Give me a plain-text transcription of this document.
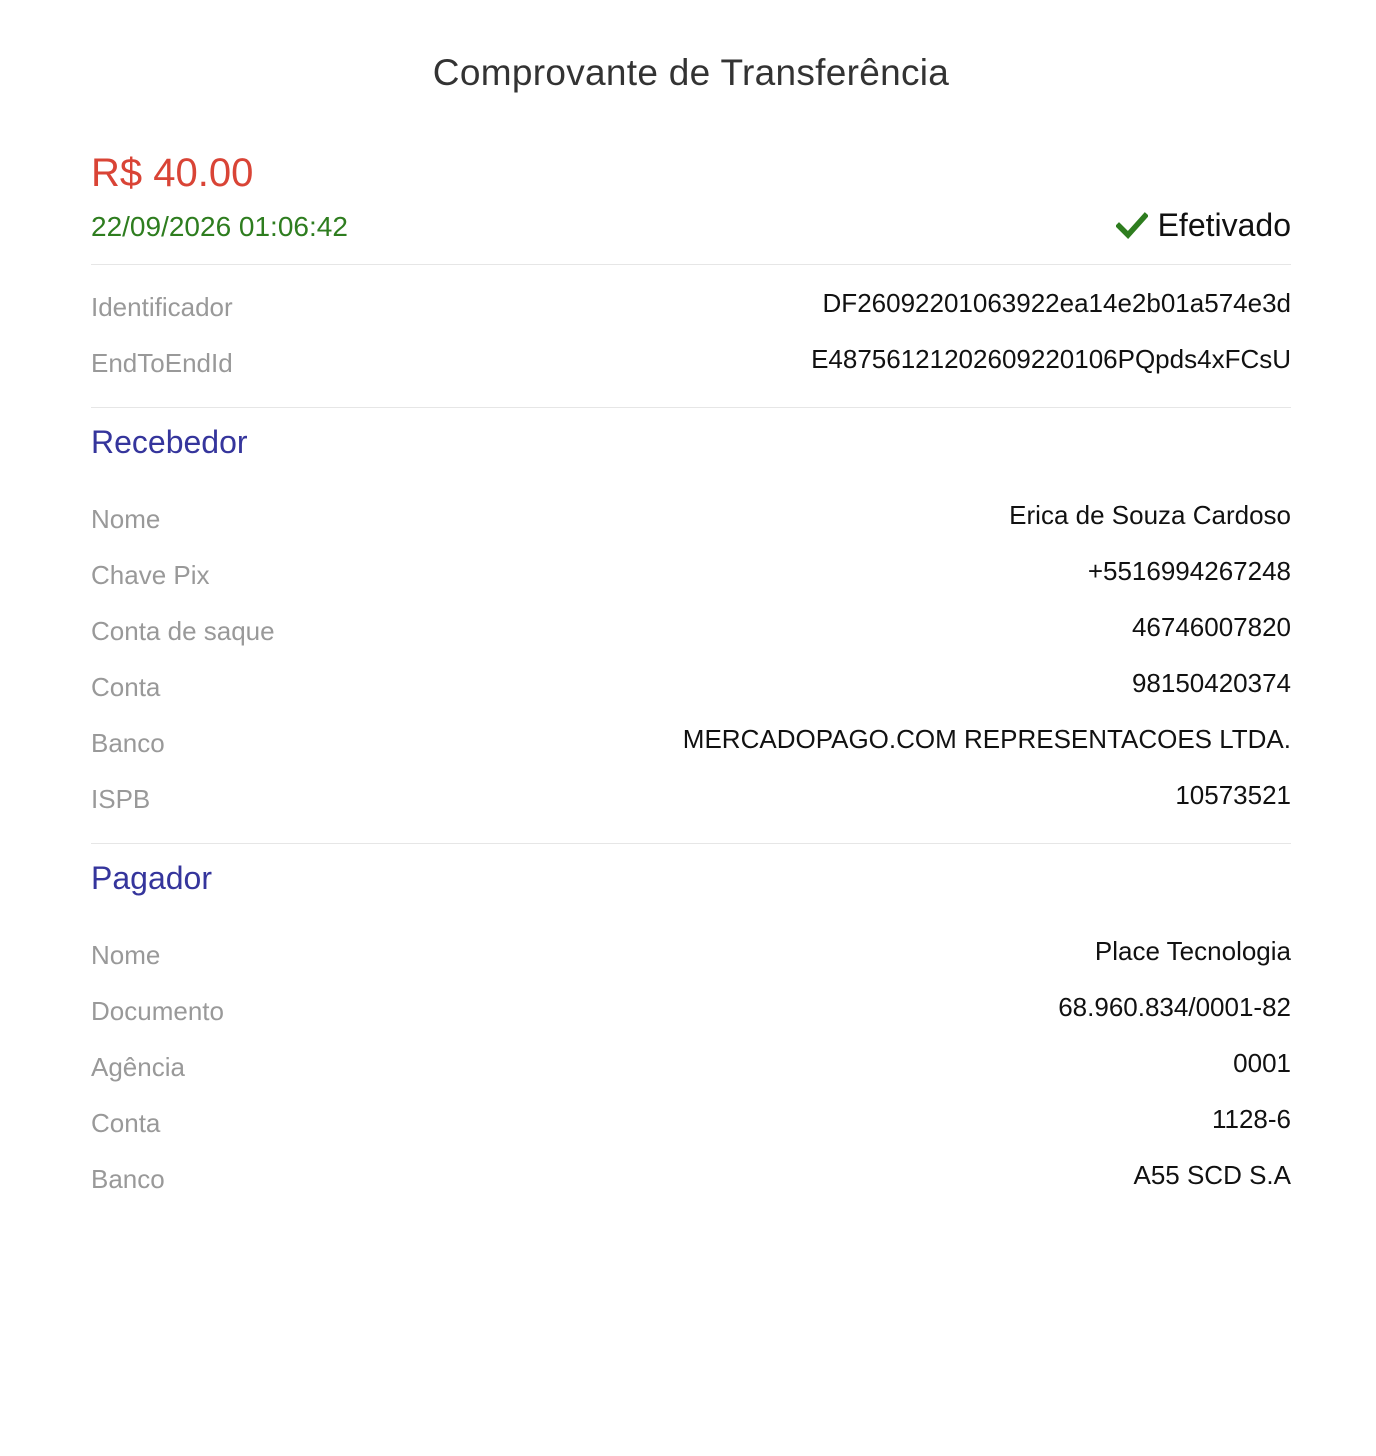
Comprovante de Transferência
R$ 40.00
22/09/2026 01:06:42	Efetivado
Identificador	DF26092201063922ea14e2b01a574e3d
EndToEndId	E48756121202609220106PQpds4xFCsU
Recebedor
Nome	Erica de Souza Cardoso
Chave Pix	+5516994267248
Conta de saque	46746007820
Conta	98150420374
Banco	MERCADOPAGO.COM REPRESENTACOES LTDA.
ISPB	10573521
Pagador
Nome	Place Tecnologia
Documento	68.960.834/0001-82
Agência	0001
Conta	1128-6
Banco	A55 SCD S.A
